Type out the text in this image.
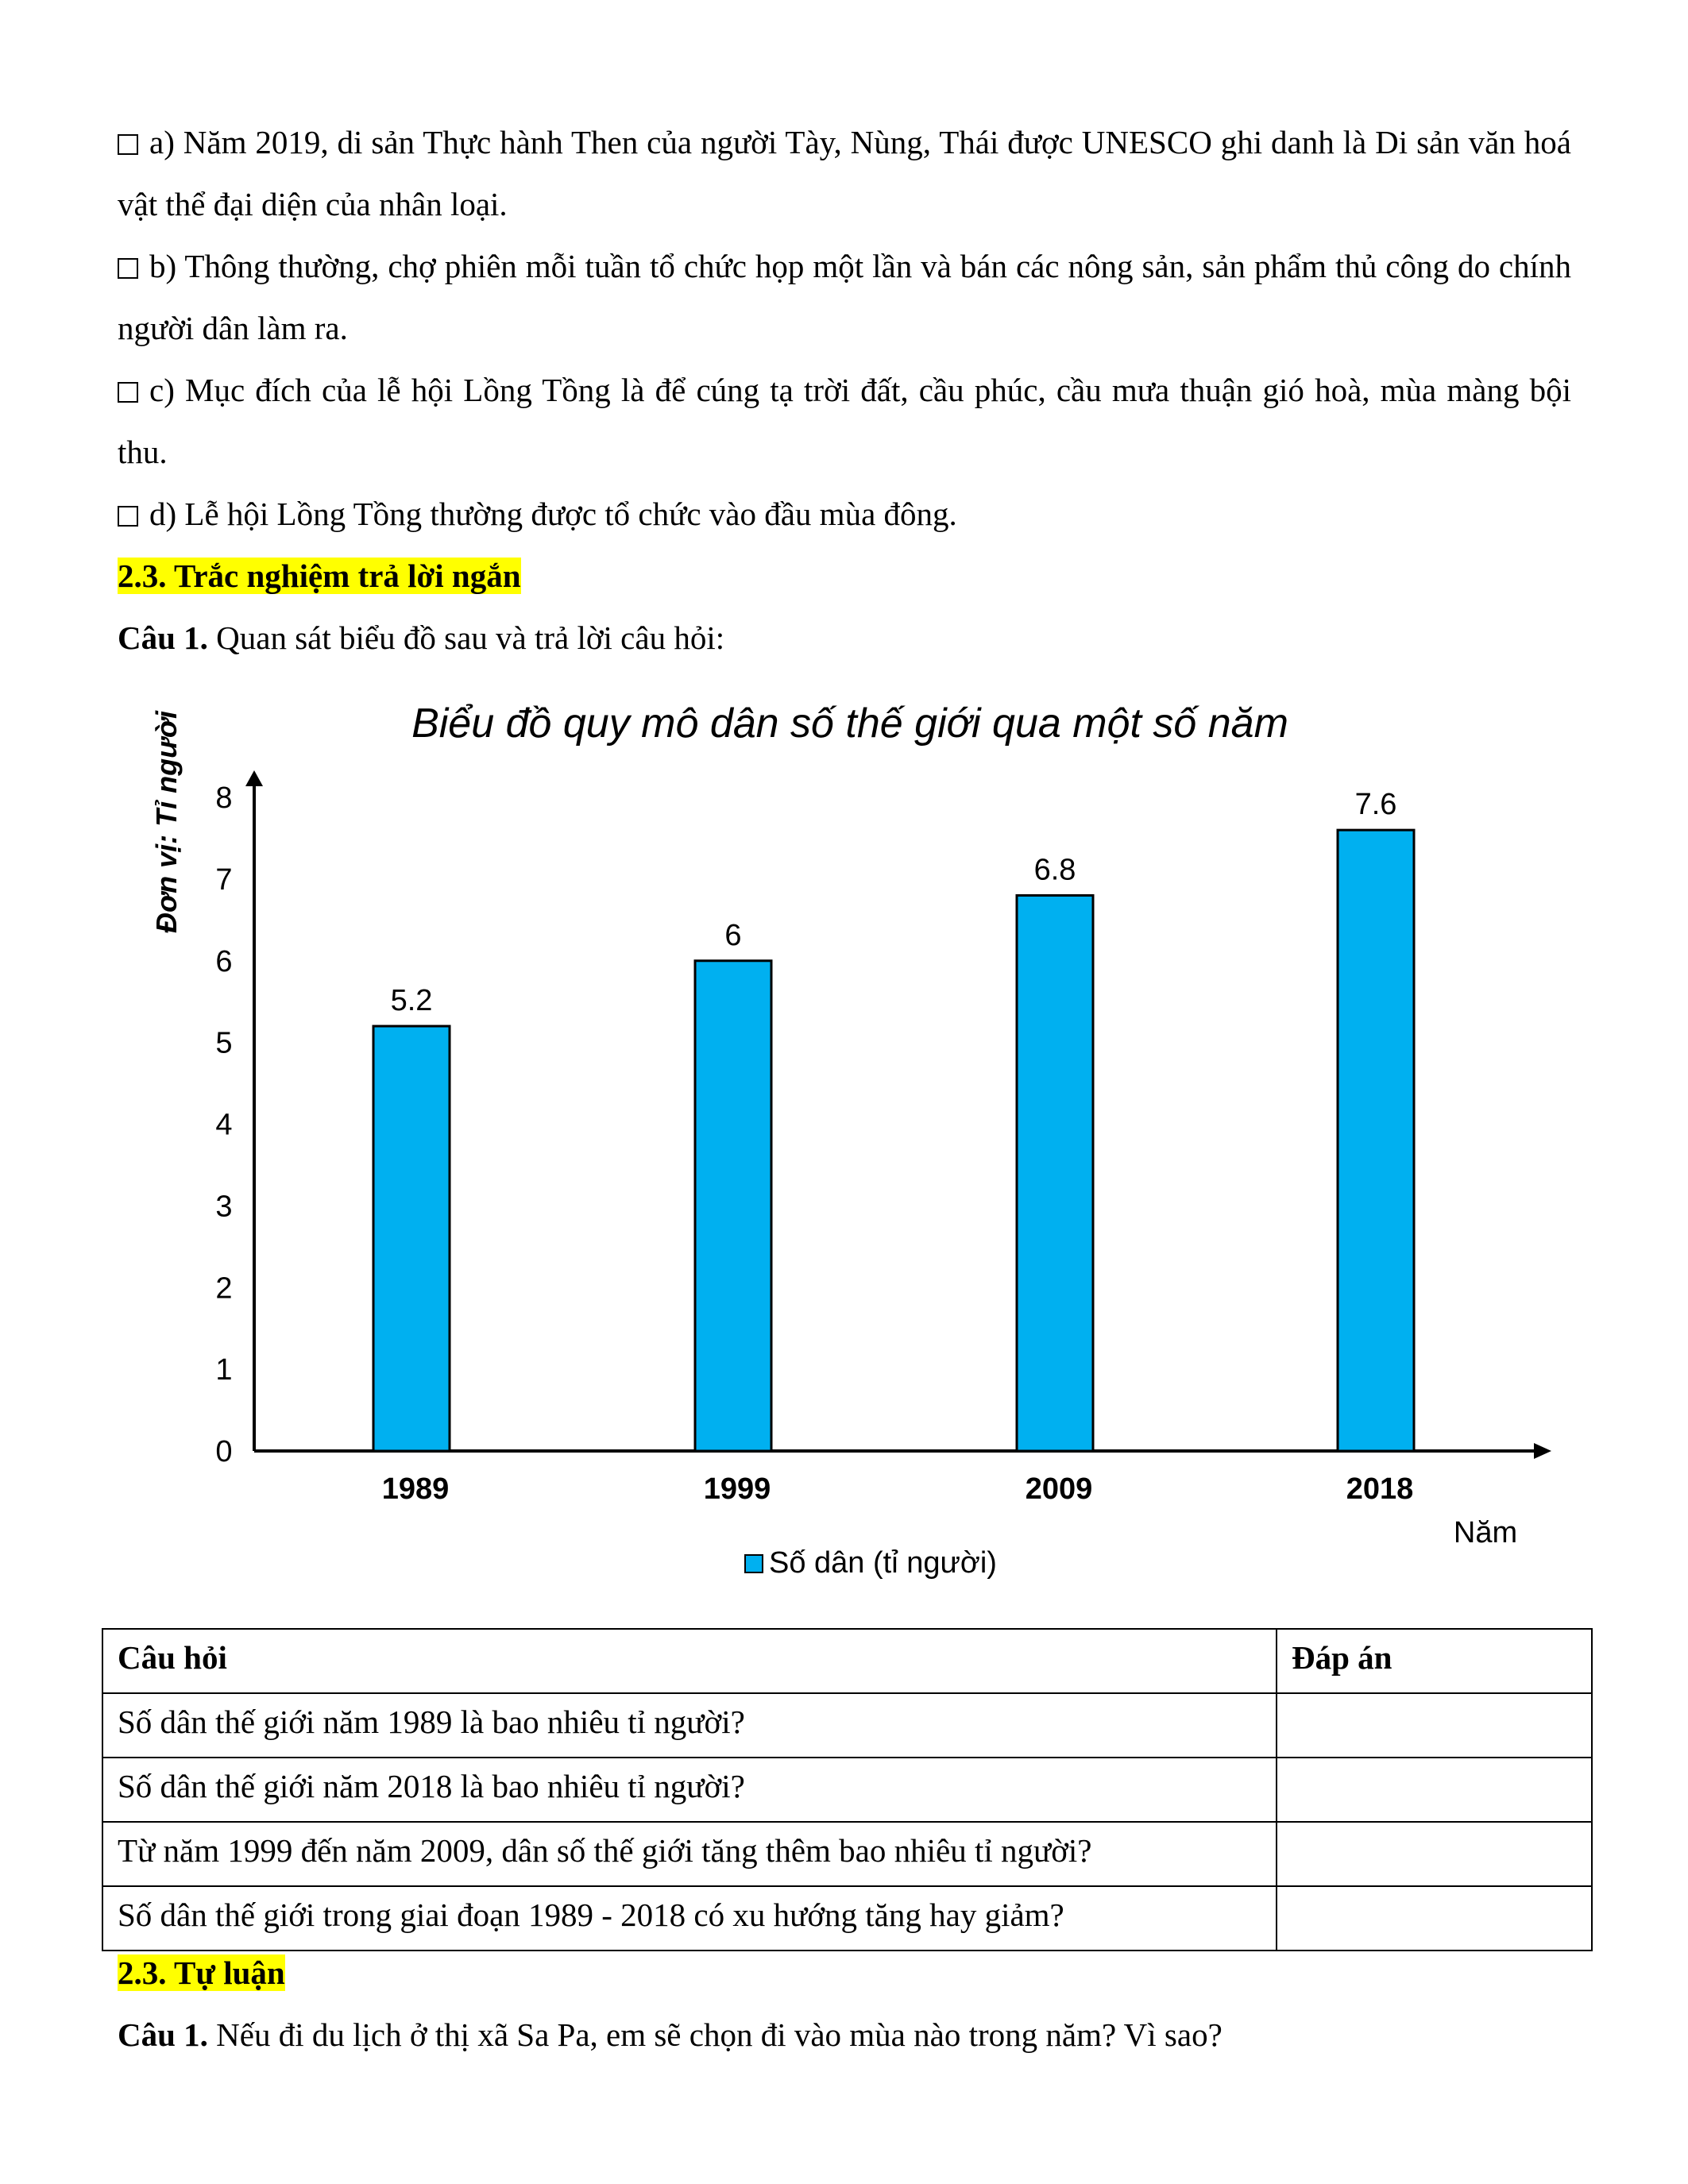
a) Năm 2019, di sản Thực hành Then của người Tày, Nùng, Thái được UNESCO ghi danh là Di sản văn hoá vật thể đại diện của nhân loại.

b) Thông thường, chợ phiên mỗi tuần tổ chức họp một lần và bán các nông sản, sản phẩm thủ công do chính người dân làm ra.

c) Mục đích của lễ hội Lồng Tồng là để cúng tạ trời đất, cầu phúc, cầu mưa thuận gió hoà, mùa màng bội thu.

d) Lễ hội Lồng Tồng thường được tổ chức vào đầu mùa đông.

2.3. Trắc nghiệm trả lời ngắn

Câu 1. Quan sát biểu đồ sau và trả lời câu hỏi:

Biểu đồ quy mô dân số thế giới qua một số năm
Đơn vị: Tỉ người
0
1
2
3
4
5
6
7
8
5.2
1989
6
1999
6.8
2009
7.6
2018
Năm
Số dân (tỉ người)
Câu hỏi	Đáp án
Số dân thế giới năm 1989 là bao nhiêu tỉ người?	
Số dân thế giới năm 2018 là bao nhiêu tỉ người?	
Từ năm 1999 đến năm 2009, dân số thế giới tăng thêm bao nhiêu tỉ người?	
Số dân thế giới trong giai đoạn 1989 - 2018 có xu hướng tăng hay giảm?	

2.3. Tự luận

Câu 1. Nếu đi du lịch ở thị xã Sa Pa, em sẽ chọn đi vào mùa nào trong năm? Vì sao?
